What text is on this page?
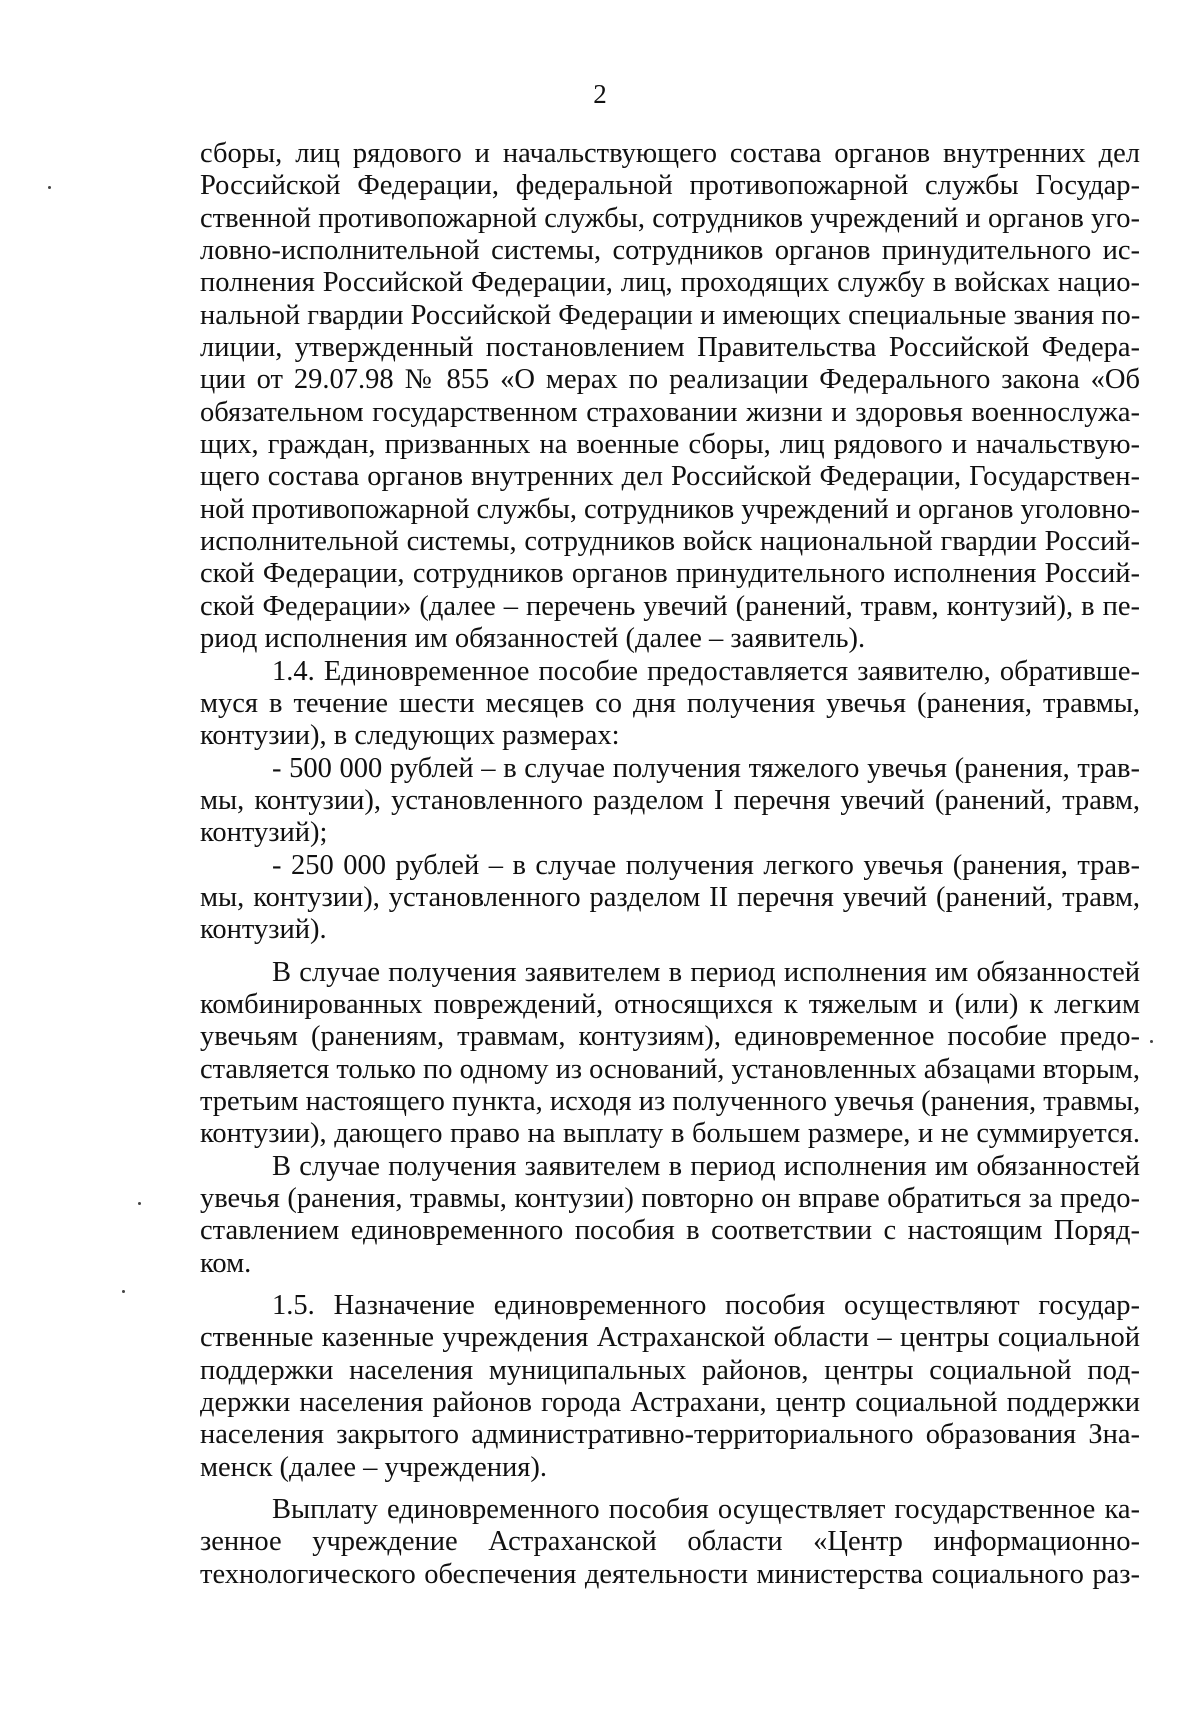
2

сборы, лиц рядового и начальствующего состава органов внутренних дел
Российской Федерации, федеральной противопожарной службы Государ-
ственной противопожарной службы, сотрудников учреждений и органов уго-
ловно-исполнительной системы, сотрудников органов принудительного ис-
полнения Российской Федерации, лиц, проходящих службу в войсках нацио-
нальной гвардии Российской Федерации и имеющих специальные звания по-
лиции, утвержденный постановлением Правительства Российской Федера-
ции от 29.07.98 № 855 «О мерах по реализации Федерального закона «Об
обязательном государственном страховании жизни и здоровья военнослужа-
щих, граждан, призванных на военные сборы, лиц рядового и начальствую-
щего состава органов внутренних дел Российской Федерации, Государствен-
ной противопожарной службы, сотрудников учреждений и органов уголовно-
исполнительной системы, сотрудников войск национальной гвардии Россий-
ской Федерации, сотрудников органов принудительного исполнения Россий-
ской Федерации» (далее – перечень увечий (ранений, травм, контузий), в пе-
риод исполнения им обязанностей (далее – заявитель).

1.4. Единовременное пособие предоставляется заявителю, обративше-
муся в течение шести месяцев со дня получения увечья (ранения, травмы,
контузии), в следующих размерах:

- 500 000 рублей – в случае получения тяжелого увечья (ранения, трав-
мы, контузии), установленного разделом I перечня увечий (ранений, травм,
контузий);

- 250 000 рублей – в случае получения легкого увечья (ранения, трав-
мы, контузии), установленного разделом II перечня увечий (ранений, травм,
контузий).

В случае получения заявителем в период исполнения им обязанностей
комбинированных повреждений, относящихся к тяжелым и (или) к легким
увечьям (ранениям, травмам, контузиям), единовременное пособие предо-
ставляется только по одному из оснований, установленных абзацами вторым,
третьим настоящего пункта, исходя из полученного увечья (ранения, травмы,
контузии), дающего право на выплату в большем размере, и не суммируется.

В случае получения заявителем в период исполнения им обязанностей
увечья (ранения, травмы, контузии) повторно он вправе обратиться за предо-
ставлением единовременного пособия в соответствии с настоящим Поряд-
ком.

1.5. Назначение единовременного пособия осуществляют государ-
ственные казенные учреждения Астраханской области – центры социальной
поддержки населения муниципальных районов, центры социальной под-
держки населения районов города Астрахани, центр социальной поддержки
населения закрытого административно-территориального образования Зна-
менск (далее – учреждения).

Выплату единовременного пособия осуществляет государственное ка-
зенное учреждение Астраханской области «Центр информационно-
технологического обеспечения деятельности министерства социального раз-
